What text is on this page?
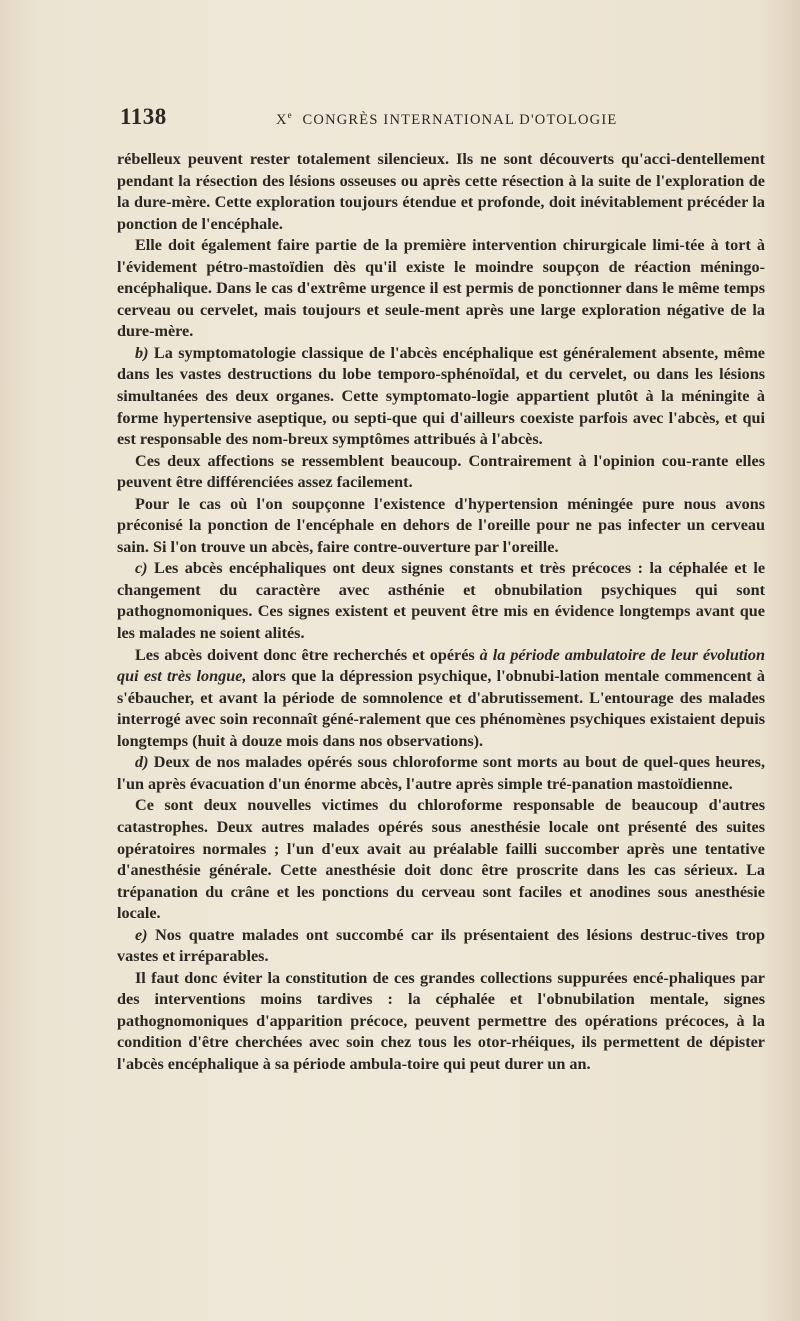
1138	Xe CONGRÈS INTERNATIONAL D'OTOLOGIE

rébelleux peuvent rester totalement silencieux. Ils ne sont découverts qu'acci-dentellement pendant la résection des lésions osseuses ou après cette résection à la suite de l'exploration de la dure-mère. Cette exploration toujours étendue et profonde, doit inévitablement précéder la ponction de l'encéphale.

Elle doit également faire partie de la première intervention chirurgicale limi-tée à tort à l'évidement pétro-mastoïdien dès qu'il existe le moindre soupçon de réaction méningo-encéphalique. Dans le cas d'extrême urgence il est permis de ponctionner dans le même temps cerveau ou cervelet, mais toujours et seule-ment après une large exploration négative de la dure-mère.

b) La symptomatologie classique de l'abcès encéphalique est généralement absente, même dans les vastes destructions du lobe temporo-sphénoïdal, et du cervelet, ou dans les lésions simultanées des deux organes. Cette symptomato-logie appartient plutôt à la méningite à forme hypertensive aseptique, ou septi-que qui d'ailleurs coexiste parfois avec l'abcès, et qui est responsable des nom-breux symptômes attribués à l'abcès.

Ces deux affections se ressemblent beaucoup. Contrairement à l'opinion cou-rante elles peuvent être différenciées assez facilement.

Pour le cas où l'on soupçonne l'existence d'hypertension méningée pure nous avons préconisé la ponction de l'encéphale en dehors de l'oreille pour ne pas infecter un cerveau sain. Si l'on trouve un abcès, faire contre-ouverture par l'oreille.

c) Les abcès encéphaliques ont deux signes constants et très précoces : la céphalée et le changement du caractère avec asthénie et obnubilation psychiques qui sont pathognomoniques. Ces signes existent et peuvent être mis en évidence longtemps avant que les malades ne soient alités.

Les abcès doivent donc être recherchés et opérés à la période ambulatoire de leur évolution qui est très longue, alors que la dépression psychique, l'obnubi-lation mentale commencent à s'ébaucher, et avant la période de somnolence et d'abrutissement. L'entourage des malades interrogé avec soin reconnaît géné-ralement que ces phénomènes psychiques existaient depuis longtemps (huit à douze mois dans nos observations).

d) Deux de nos malades opérés sous chloroforme sont morts au bout de quel-ques heures, l'un après évacuation d'un énorme abcès, l'autre après simple tré-panation mastoïdienne.

Ce sont deux nouvelles victimes du chloroforme responsable de beaucoup d'autres catastrophes. Deux autres malades opérés sous anesthésie locale ont présenté des suites opératoires normales ; l'un d'eux avait au préalable failli succomber après une tentative d'anesthésie générale. Cette anesthésie doit donc être proscrite dans les cas sérieux. La trépanation du crâne et les ponctions du cerveau sont faciles et anodines sous anesthésie locale.

e) Nos quatre malades ont succombé car ils présentaient des lésions destruc-tives trop vastes et irréparables.

Il faut donc éviter la constitution de ces grandes collections suppurées encé-phaliques par des interventions moins tardives : la céphalée et l'obnubilation mentale, signes pathognomoniques d'apparition précoce, peuvent permettre des opérations précoces, à la condition d'être cherchées avec soin chez tous les otor-rhéiques, ils permettent de dépister l'abcès encéphalique à sa période ambula-toire qui peut durer un an.
